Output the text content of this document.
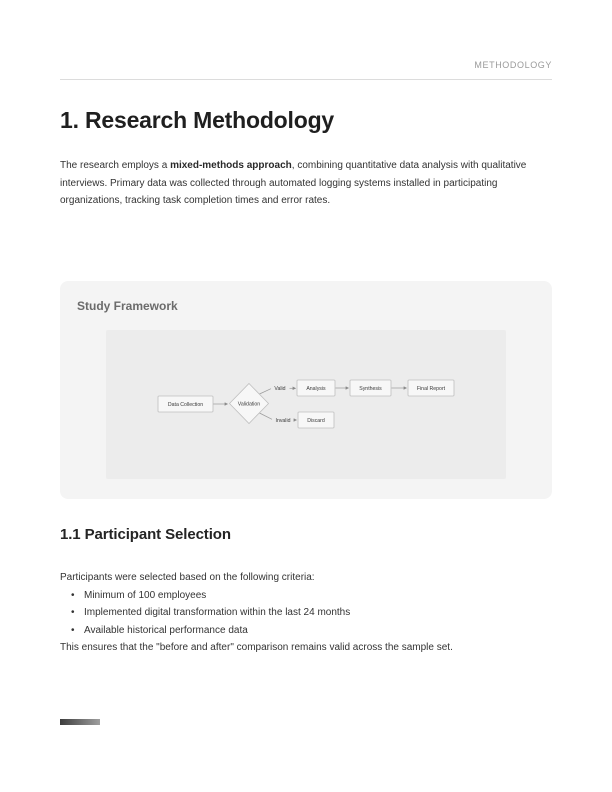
METHODOLOGY
1. Research Methodology

The research employs a mixed-methods approach, combining quantitative data analysis with qualitative interviews. Primary data was collected through automated logging systems installed in participating organizations, tracking task completion times and error rates.

Study Framework
Valid
Invalid
Data Collection	Validation
Analysis	Synthesis	Final Report
Discard
1.1 Participant Selection

Participants were selected based on the following criteria:

• Minimum of 100 employees
• Implemented digital transformation within the last 24 months
• Available historical performance data

This ensures that the "before and after" comparison remains valid across the sample set.
